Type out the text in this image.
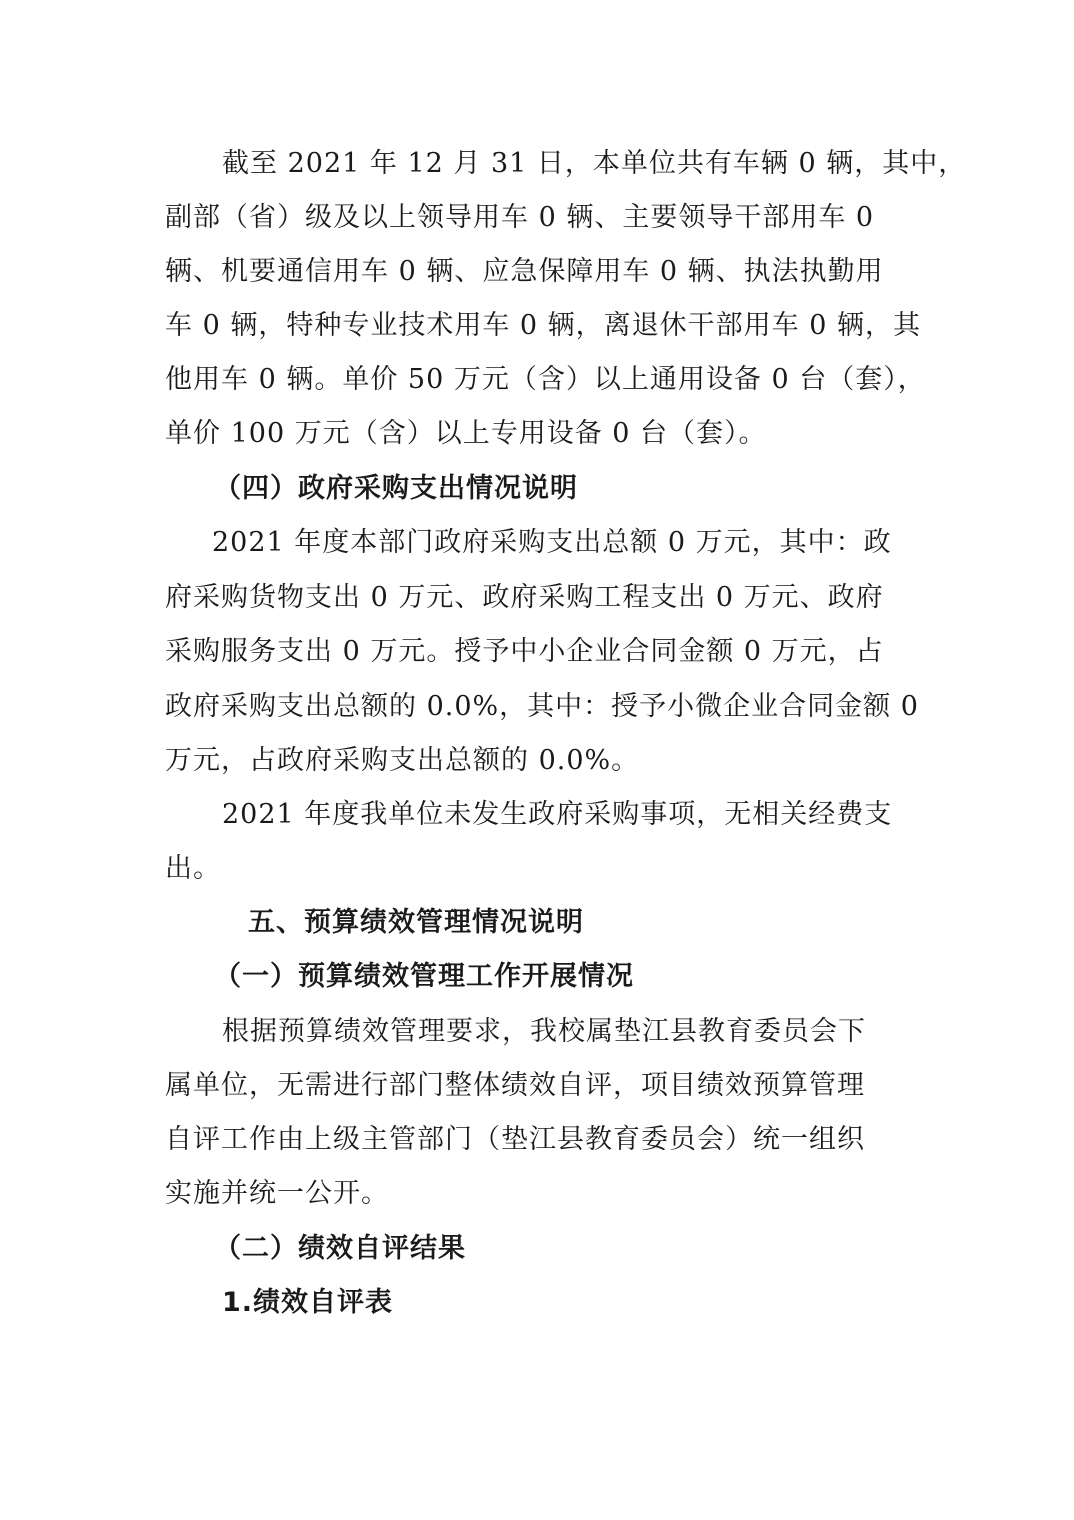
截至 2021 年 12 月 31 日，本单位共有车辆 0 辆，其中，
副部（省）级及以上领导用车 0 辆、主要领导干部用车 0
辆、机要通信用车 0 辆、应急保障用车 0 辆、执法执勤用
车 0 辆，特种专业技术用车 0 辆，离退休干部用车 0 辆，其
他用车 0 辆。单价 50 万元（含）以上通用设备 0 台（套），
单价 100 万元（含）以上专用设备 0 台（套）。
（四）政府采购支出情况说明
2021 年度本部门政府采购支出总额 0 万元，其中：政
府采购货物支出 0 万元、政府采购工程支出 0 万元、政府
采购服务支出 0 万元。授予中小企业合同金额 0 万元，占
政府采购支出总额的 0.0%，其中：授予小微企业合同金额 0
万元，占政府采购支出总额的 0.0%。
2021 年度我单位未发生政府采购事项，无相关经费支
出。
五、预算绩效管理情况说明
（一）预算绩效管理工作开展情况
根据预算绩效管理要求，我校属垫江县教育委员会下
属单位，无需进行部门整体绩效自评，项目绩效预算管理
自评工作由上级主管部门（垫江县教育委员会）统一组织
实施并统一公开。
（二）绩效自评结果
1.绩效自评表
